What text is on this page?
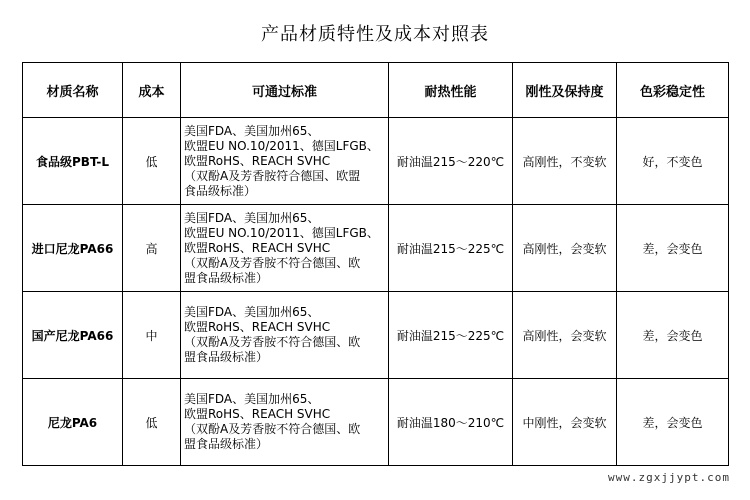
产品材质特性及成本对照表
材质名称	成本	可通过标准	耐热性能	刚性及保持度	色彩稳定性
食品级PBT-L	低	美国FDA、美国加州65、
欧盟EU NO.10/2011、德国LFGB、
欧盟RoHS、REACH SVHC
（双酚A及芳香胺符合德国、欧盟
食品级标准）	耐油温215～220℃	高刚性，不变软	好，不变色
进口尼龙PA66	高	美国FDA、美国加州65、
欧盟EU NO.10/2011、德国LFGB、
欧盟RoHS、REACH SVHC
（双酚A及芳香胺不符合德国、欧
盟食品级标准）	耐油温215～225℃	高刚性，会变软	差，会变色
国产尼龙PA66	中	美国FDA、美国加州65、
欧盟RoHS、REACH SVHC
（双酚A及芳香胺不符合德国、欧
盟食品级标准）	耐油温215～225℃	高刚性，会变软	差，会变色
尼龙PA6	低	美国FDA、美国加州65、
欧盟RoHS、REACH SVHC
（双酚A及芳香胺不符合德国、欧
盟食品级标准）	耐油温180～210℃	中刚性，会变软	差，会变色
www.zgxjjypt.com
